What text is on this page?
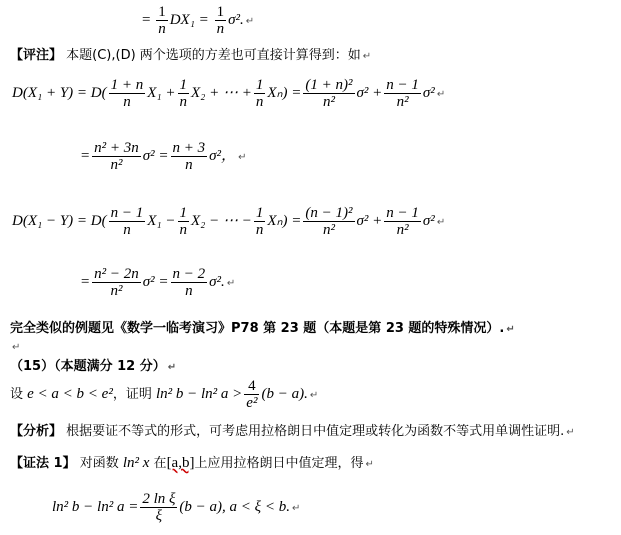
= $\frac{1}{n} DX_1 = \frac{1}{n} \sigma^2$. ↵
【评注】 本题(C),(D) 两个选项的方差也可直接计算得到：如 ↵
$D(X_1 + Y) = D( \frac{1 + n}{n} X_1 + \frac{1}{n} X_2$ + ⋯ + $\frac{1}{n} X_n) = \frac{\text{(1 + n)²}}{\text{n²}} \sigma^2 + \frac{n - 1}{\text{n²}} \sigma^2$ ↵
= $\frac{\text{n² + 3n}}{\text{n²}} \sigma^2 = \frac{n + 3}{n} \sigma^2$， ↵
$D(X_1 - Y) = D( \frac{n - 1}{n} X_1 - \frac{1}{n} X_2$ − ⋯ − $\frac{1}{n} X_n) = \frac{\text{(n − 1)²}}{\text{n²}} \sigma^2 + \frac{n - 1}{\text{n²}} \sigma^2$ ↵
= $\frac{\text{n² − 2n}}{\text{n²}} \sigma^2 = \frac{n - 2}{n} \sigma^2$. ↵
完全类似的例题见《数学一临考演习》P78 第 23 题（本题是第 23 题的特殊情况）. ↵
↵
（15）（本题满分 12 分） ↵
设 e < a < b < e²，证明 ln² b − ln² $a > \frac{4}{\text{e²}} (b - a)$. ↵
【分析】 根据要证不等式的形式，可考虑用拉格朗日中值定理或转化为函数不等式用单调性证明. ↵
【证法 1】 对函数 ln² x 在[a,b]上应用拉格朗日中值定理，得 ↵
ln² b − ln² $a = \frac{\text{2 ln ξ}}{\xi} (b - a)$, a < ξ < b. ↵
